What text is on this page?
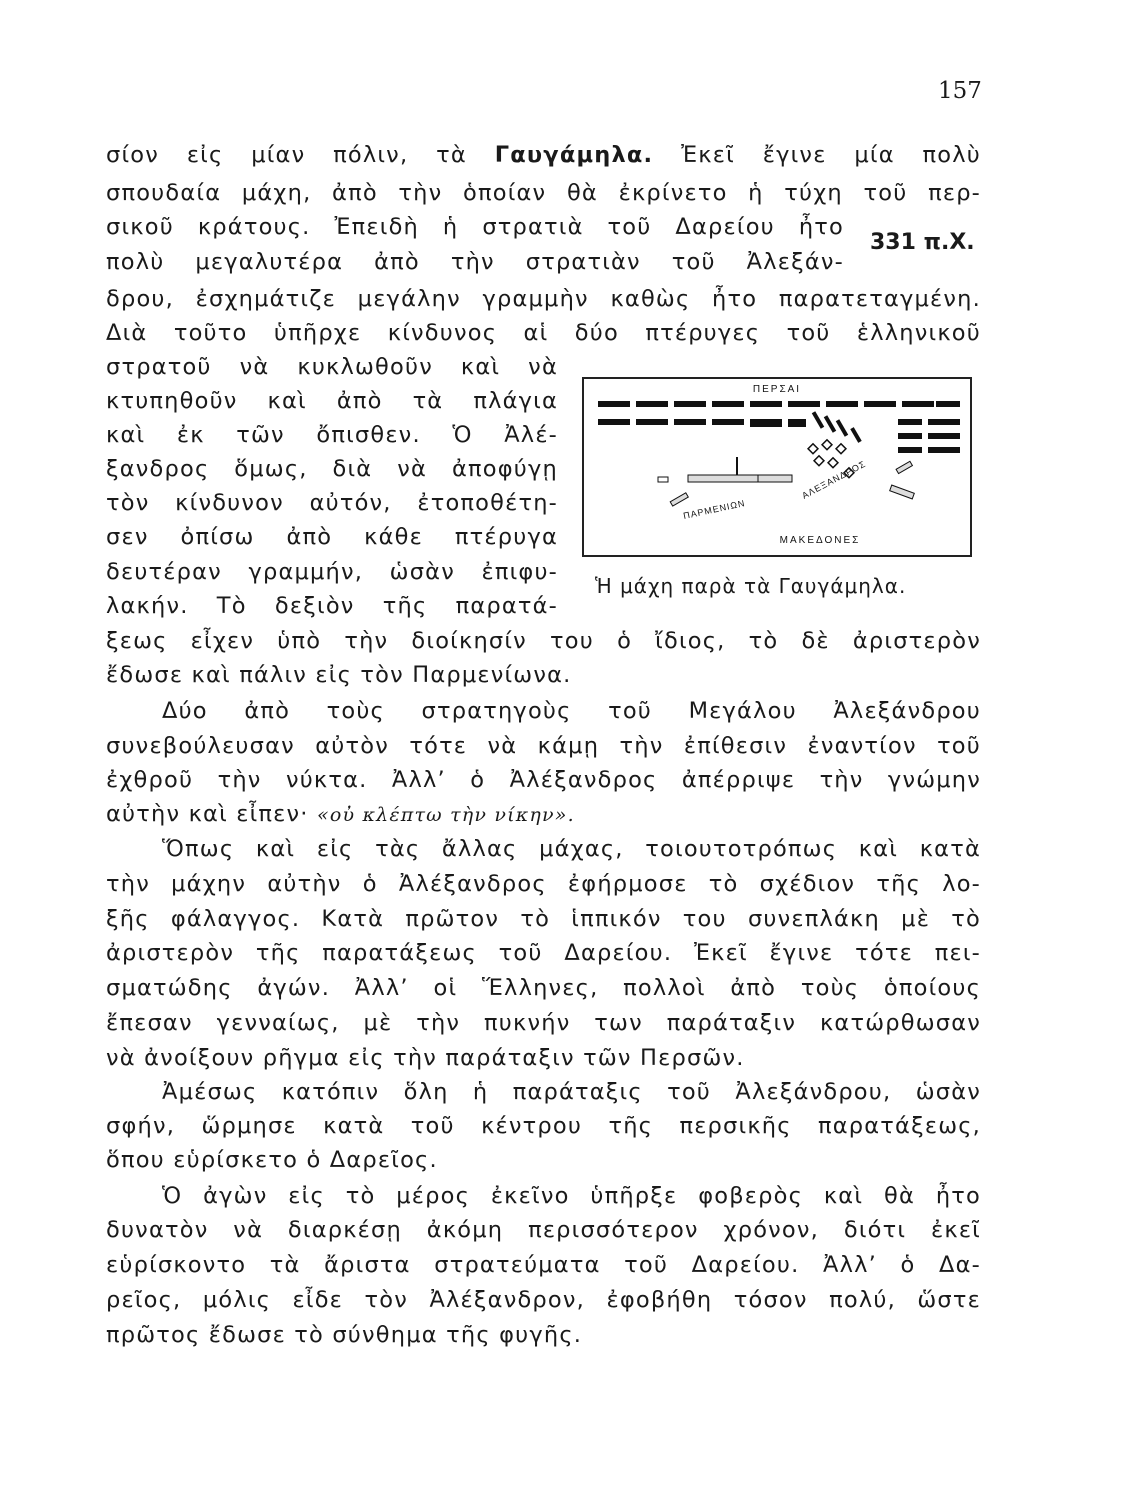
157
σίον εἰς μίαν πόλιν, τὰ Γαυγάμηλα. Ἐκεῖ ἔγινε μία πολὺ
σπουδαία μάχη, ἀπὸ τὴν ὁποίαν θὰ ἐκρίνετο ἡ τύχη τοῦ περ-
σικοῦ κράτους. Ἐπειδὴ ἡ στρατιὰ τοῦ Δαρείου ἦτο
πολὺ μεγαλυτέρα ἀπὸ τὴν στρατιὰν τοῦ Ἀλεξάν-
331 π.Χ.
δρου, ἐσχημάτιζε μεγάλην γραμμὴν καθὼς ἦτο παρατεταγμένη.
Διὰ τοῦτο ὑπῆρχε κίνδυνος αἱ δύο πτέρυγες τοῦ ἑλληνικοῦ
στρατοῦ νὰ κυκλωθοῦν καὶ νὰ
κτυπηθοῦν καὶ ἀπὸ τὰ πλάγια
καὶ ἐκ τῶν ὄπισθεν. Ὁ Ἀλέ-
ξανδρος ὅμως, διὰ νὰ ἀποφύγῃ
τὸν κίνδυνον αὐτόν, ἐτοποθέτη-
σεν ὀπίσω ἀπὸ κάθε πτέρυγα
δευτέραν γραμμήν, ὡσὰν ἐπιφυ-
λακήν. Τὸ δεξιὸν τῆς παρατά-
ΠΕΡΣΑΙ
ΠΑΡΜΕΝΙΩΝ
ΑΛΕΞΑΝΔΡΟΣ
ΜΑΚΕΔΟΝΕΣ
Ἡ μάχη παρὰ τὰ Γαυγάμηλα.
ξεως εἶχεν ὑπὸ τὴν διοίκησίν του ὁ ἴδιος, τὸ δὲ ἀριστερὸν
ἔδωσε καὶ πάλιν εἰς τὸν Παρμενίωνα.
Δύο ἀπὸ τοὺς στρατηγοὺς τοῦ Μεγάλου Ἀλεξάνδρου
συνεβούλευσαν αὐτὸν τότε νὰ κάμῃ τὴν ἐπίθεσιν ἐναντίον τοῦ
ἐχθροῦ τὴν νύκτα. Ἀλλ’ ὁ Ἀλέξανδρος ἀπέρριψε τὴν γνώμην
αὐτὴν καὶ εἶπεν· «οὐ κλέπτω τὴν νίκην».
Ὅπως καὶ εἰς τὰς ἄλλας μάχας, τοιουτοτρόπως καὶ κατὰ
τὴν μάχην αὐτὴν ὁ Ἀλέξανδρος ἐφήρμοσε τὸ σχέδιον τῆς λο-
ξῆς φάλαγγος. Κατὰ πρῶτον τὸ ἱππικόν του συνεπλάκη μὲ τὸ
ἀριστερὸν τῆς παρατάξεως τοῦ Δαρείου. Ἐκεῖ ἔγινε τότε πει-
σματώδης ἀγών. Ἀλλ’ οἱ Ἕλληνες, πολλοὶ ἀπὸ τοὺς ὁποίους
ἔπεσαν γενναίως, μὲ τὴν πυκνήν των παράταξιν κατώρθωσαν
νὰ ἀνοίξουν ρῆγμα εἰς τὴν παράταξιν τῶν Περσῶν.
Ἀμέσως κατόπιν ὅλη ἡ παράταξις τοῦ Ἀλεξάνδρου, ὡσὰν
σφήν, ὥρμησε κατὰ τοῦ κέντρου τῆς περσικῆς παρατάξεως,
ὅπου εὑρίσκετο ὁ Δαρεῖος.
Ὁ ἀγὼν εἰς τὸ μέρος ἐκεῖνο ὑπῆρξε φοβερὸς καὶ θὰ ἦτο
δυνατὸν νὰ διαρκέσῃ ἀκόμη περισσότερον χρόνον, διότι ἐκεῖ
εὑρίσκοντο τὰ ἄριστα στρατεύματα τοῦ Δαρείου. Ἀλλ’ ὁ Δα-
ρεῖος, μόλις εἶδε τὸν Ἀλέξανδρον, ἐφοβήθη τόσον πολύ, ὥστε
πρῶτος ἔδωσε τὸ σύνθημα τῆς φυγῆς.
